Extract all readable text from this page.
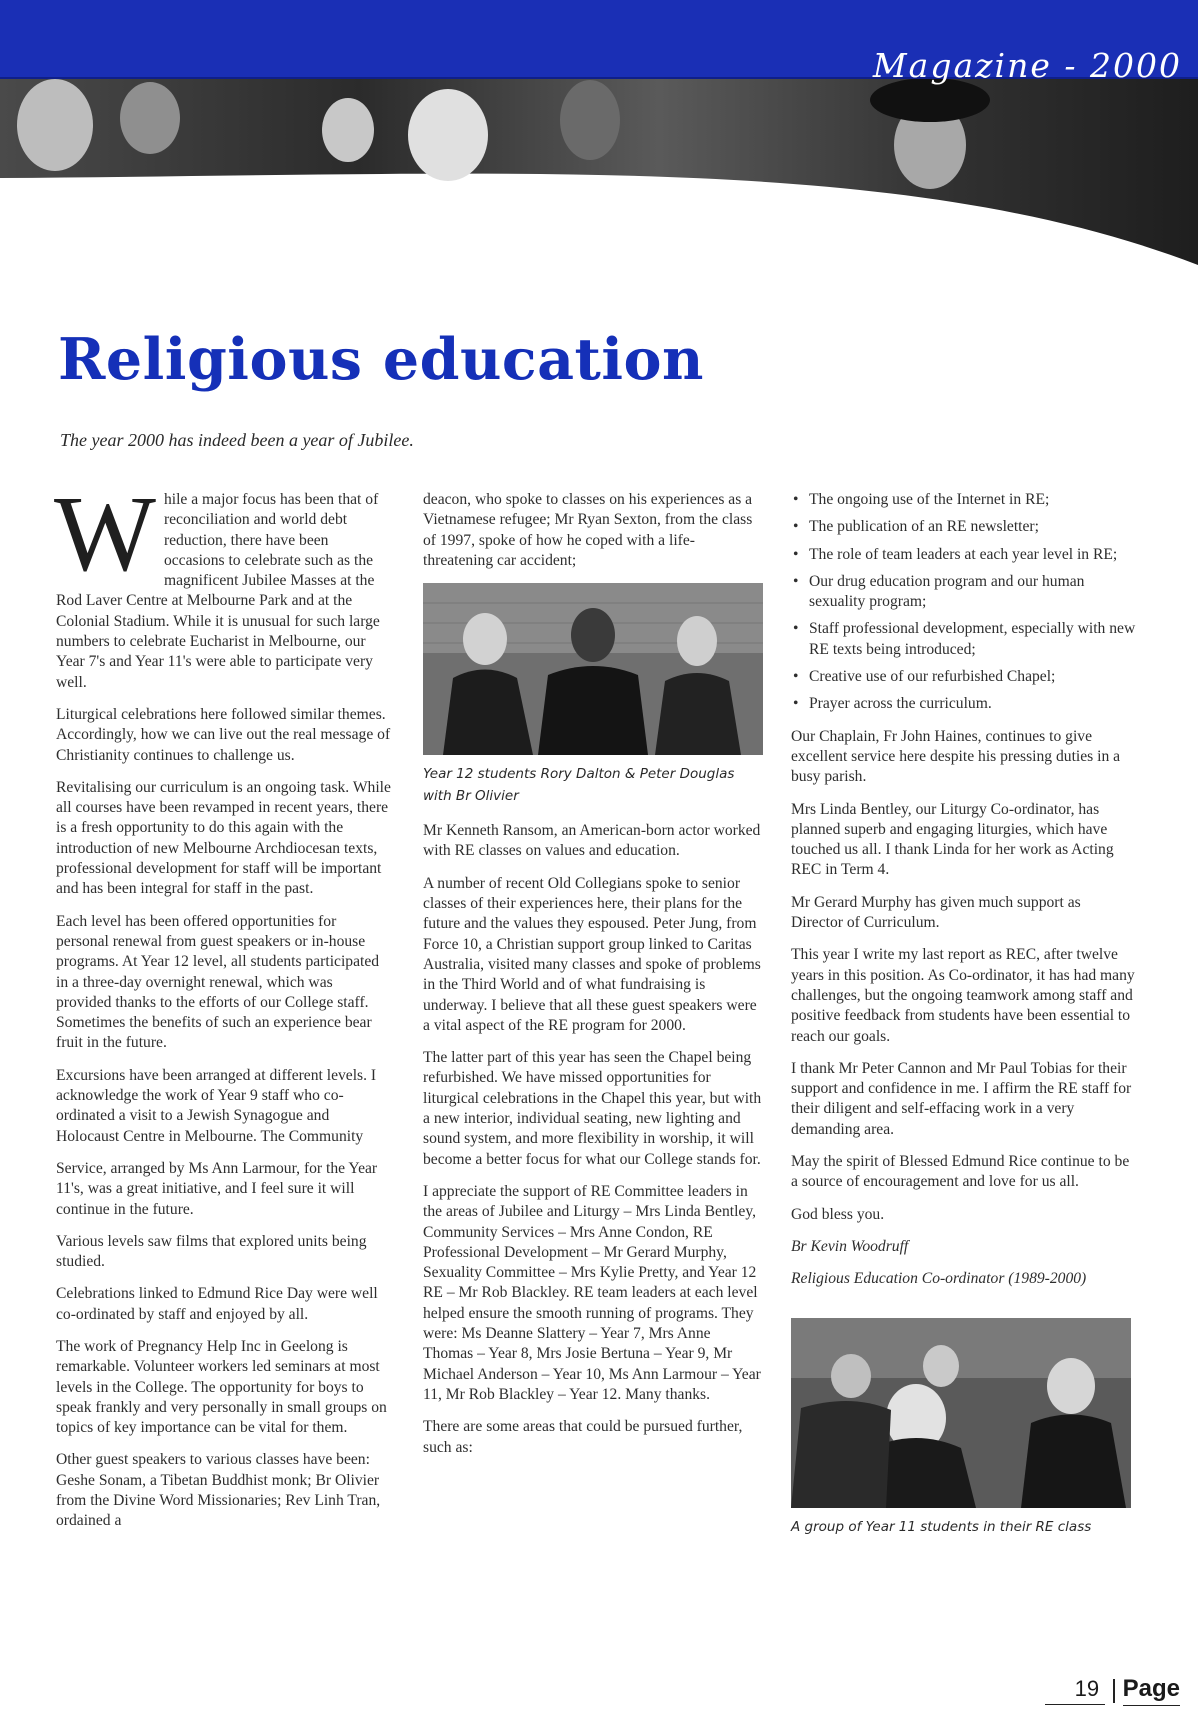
Magazine - 2000
Religious education
The year 2000 has indeed been a year of Jubilee.

W hile a major focus has been that of reconciliation and world debt reduction, there have been occasions to celebrate such as the magnificent Jubilee Masses at the Rod Laver Centre at Melbourne Park and at the Colonial Stadium. While it is unusual for such large numbers to celebrate Eucharist in Melbourne, our Year 7's and Year 11's were able to participate very well.

Liturgical celebrations here followed similar themes. Accordingly, how we can live out the real message of Christianity continues to challenge us.

Revitalising our curriculum is an ongoing task. While all courses have been revamped in recent years, there is a fresh opportunity to do this again with the introduction of new Melbourne Archdiocesan texts, professional development for staff will be important and has been integral for staff in the past.

Each level has been offered opportunities for personal renewal from guest speakers or in-house programs. At Year 12 level, all students participated in a three-day overnight renewal, which was provided thanks to the efforts of our College staff. Sometimes the benefits of such an experience bear fruit in the future.

Excursions have been arranged at different levels. I acknowledge the work of Year 9 staff who co-ordinated a visit to a Jewish Synagogue and Holocaust Centre in Melbourne. The Community

Service, arranged by Ms Ann Larmour, for the Year 11's, was a great initiative, and I feel sure it will continue in the future.

Various levels saw films that explored units being studied.

Celebrations linked to Edmund Rice Day were well co-ordinated by staff and enjoyed by all.

The work of Pregnancy Help Inc in Geelong is remarkable. Volunteer workers led seminars at most levels in the College. The opportunity for boys to speak frankly and very personally in small groups on topics of key importance can be vital for them.

Other guest speakers to various classes have been: Geshe Sonam, a Tibetan Buddhist monk; Br Olivier from the Divine Word Missionaries; Rev Linh Tran, ordained a

deacon, who spoke to classes on his experiences as a Vietnamese refugee; Mr Ryan Sexton, from the class of 1997, spoke of how he coped with a life-threatening car accident;

Year 12 students Rory Dalton & Peter Douglas with Br Olivier

Mr Kenneth Ransom, an American-born actor worked with RE classes on values and education.

A number of recent Old Collegians spoke to senior classes of their experiences here, their plans for the future and the values they espoused. Peter Jung, from Force 10, a Christian support group linked to Caritas Australia, visited many classes and spoke of problems in the Third World and of what fundraising is underway. I believe that all these guest speakers were a vital aspect of the RE program for 2000.

The latter part of this year has seen the Chapel being refurbished. We have missed opportunities for liturgical celebrations in the Chapel this year, but with a new interior, individual seating, new lighting and sound system, and more flexibility in worship, it will become a better focus for what our College stands for.

I appreciate the support of RE Committee leaders in the areas of Jubilee and Liturgy – Mrs Linda Bentley, Community Services – Mrs Anne Condon, RE Professional Development – Mr Gerard Murphy, Sexuality Committee – Mrs Kylie Pretty, and Year 12 RE – Mr Rob Blackley. RE team leaders at each level helped ensure the smooth running of programs. They were: Ms Deanne Slattery – Year 7, Mrs Anne Thomas – Year 8, Mrs Josie Bertuna – Year 9, Mr Michael Anderson – Year 10, Ms Ann Larmour – Year 11, Mr Rob Blackley – Year 12. Many thanks.

There are some areas that could be pursued further, such as:

• The ongoing use of the Internet in RE;
• The publication of an RE newsletter;
• The role of team leaders at each year level in RE;
• Our drug education program and our human sexuality program;
• Staff professional development, especially with new RE texts being introduced;
• Creative use of our refurbished Chapel;
• Prayer across the curriculum.

Our Chaplain, Fr John Haines, continues to give excellent service here despite his pressing duties in a busy parish.

Mrs Linda Bentley, our Liturgy Co-ordinator, has planned superb and engaging liturgies, which have touched us all. I thank Linda for her work as Acting REC in Term 4.

Mr Gerard Murphy has given much support as Director of Curriculum.

This year I write my last report as REC, after twelve years in this position. As Co-ordinator, it has had many challenges, but the ongoing teamwork among staff and positive feedback from students have been essential to reach our goals.

I thank Mr Peter Cannon and Mr Paul Tobias for their support and confidence in me. I affirm the RE staff for their diligent and self-effacing work in a very demanding area.

May the spirit of Blessed Edmund Rice continue to be a source of encouragement and love for us all.

God bless you.

Br Kevin Woodruff

Religious Education Co-ordinator (1989-2000)

A group of Year 11 students in their RE class
19 Page
